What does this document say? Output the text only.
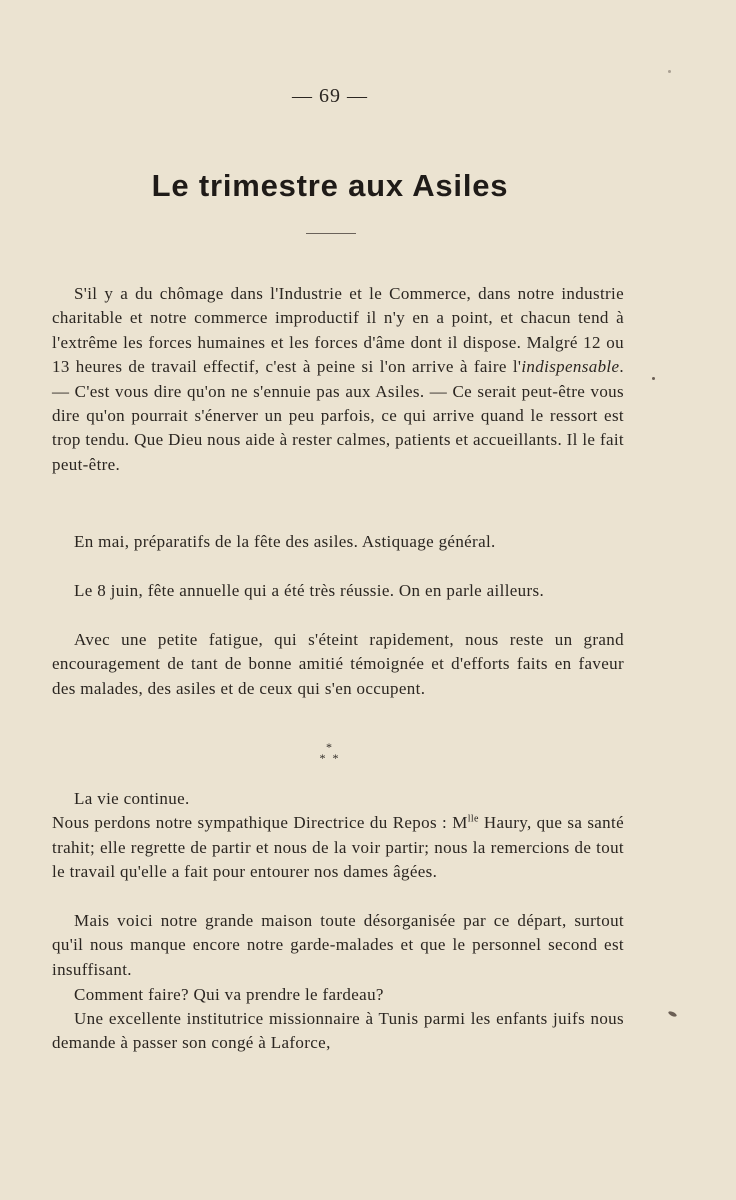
— 69 —
Le trimestre aux Asiles

S'il y a du chômage dans l'Industrie et le Commerce, dans notre industrie charitable et notre commerce improductif il n'y en a point, et chacun tend à l'extrême les forces humaines et les forces d'âme dont il dispose. Malgré 12 ou 13 heures de travail effectif, c'est à peine si l'on arrive à faire l'indispensable. — C'est vous dire qu'on ne s'ennuie pas aux Asiles. — Ce serait peut-être vous dire qu'on pourrait s'énerver un peu parfois, ce qui arrive quand le ressort est trop tendu. Que Dieu nous aide à rester calmes, patients et accueillants. Il le fait peut-être.

En mai, préparatifs de la fête des asiles. Astiquage général.

Le 8 juin, fête annuelle qui a été très réussie. On en parle ailleurs.

Avec une petite fatigue, qui s'éteint rapidement, nous reste un grand encouragement de tant de bonne amitié témoignée et d'efforts faits en faveur des malades, des asiles et de ceux qui s'en occupent.

*
* *

La vie continue.
Nous perdons notre sympathique Directrice du Repos : $M^{lle}$ Haury, que sa santé trahit; elle regrette de partir et nous de la voir partir; nous la remercions de tout le travail qu'elle a fait pour entourer nos dames âgées.

Mais voici notre grande maison toute désorganisée par ce départ, surtout qu'il nous manque encore notre garde-malades et que le personnel second est insuffisant.

Comment faire? Qui va prendre le fardeau?

Une excellente institutrice missionnaire à Tunis parmi les enfants juifs nous demande à passer son congé à Laforce,
